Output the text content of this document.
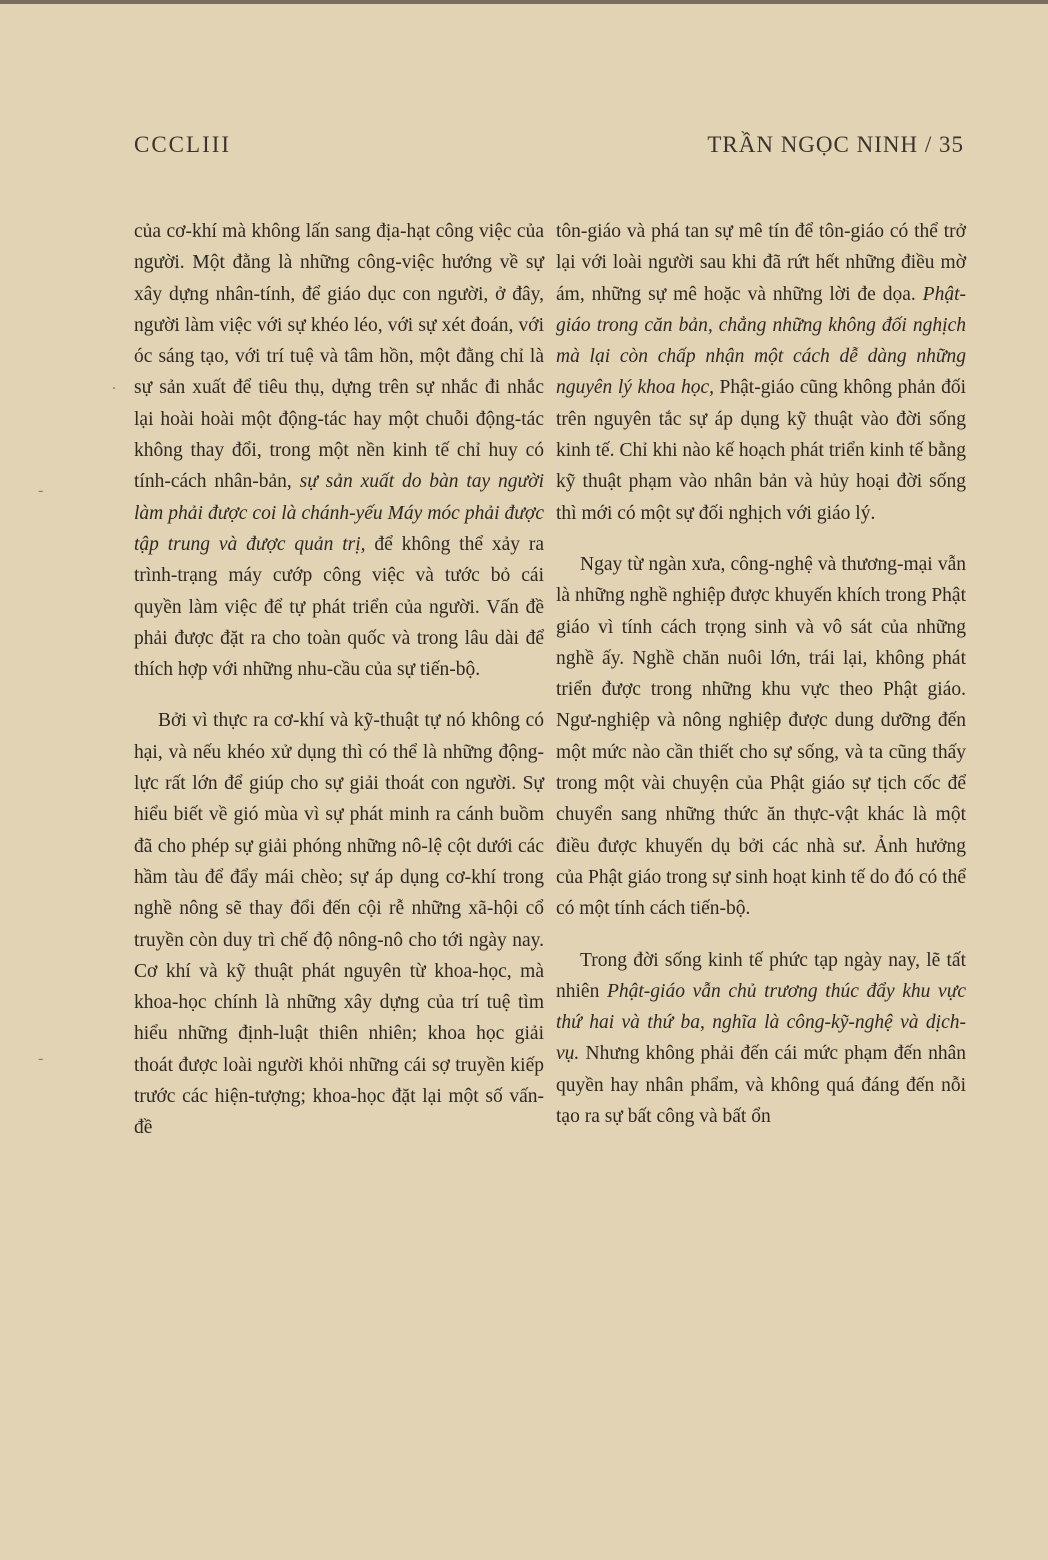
CCCLIII	TRẦN NGỌC NINH / 35

của cơ-khí mà không lấn sang địa-hạt công việc của người. Một đằng là những công-việc hướng về sự xây dựng nhân-tính, để giáo dục con người, ở đây, người làm việc với sự khéo léo, với sự xét đoán, với óc sáng tạo, với trí tuệ và tâm hồn, một đằng chỉ là sự sản xuất để tiêu thụ, dựng trên sự nhắc đi nhắc lại hoài hoài một động-tác hay một chuỗi động-tác không thay đổi, trong một nền kinh tế chỉ huy có tính-cách nhân-bản, sự sản xuất do bàn tay người làm phải được coi là chánh-yếu Máy móc phải được tập trung và được quản trị, để không thể xảy ra trình-trạng máy cướp công việc và tước bỏ cái quyền làm việc để tự phát triển của người. Vấn đề phải được đặt ra cho toàn quốc và trong lâu dài để thích hợp với những nhu-cầu của sự tiến-bộ.

Bởi vì thực ra cơ-khí và kỹ-thuật tự nó không có hại, và nếu khéo xử dụng thì có thể là những động-lực rất lớn để giúp cho sự giải thoát con người. Sự hiểu biết về gió mùa vì sự phát minh ra cánh buồm đã cho phép sự giải phóng những nô-lệ cột dưới các hầm tàu để đẩy mái chèo; sự áp dụng cơ-khí trong nghề nông sẽ thay đổi đến cội rễ những xã-hội cổ truyền còn duy trì chế độ nông-nô cho tới ngày nay. Cơ khí và kỹ thuật phát nguyên từ khoa-học, mà khoa-học chính là những xây dựng của trí tuệ tìm hiểu những định-luật thiên nhiên; khoa học giải thoát được loài người khỏi những cái sợ truyền kiếp trước các hiện-tượng; khoa-học đặt lại một số vấn-đề

tôn-giáo và phá tan sự mê tín để tôn-giáo có thể trở lại với loài người sau khi đã rứt hết những điều mờ ám, những sự mê hoặc và những lời đe dọa. Phật-giáo trong căn bản, chẳng những không đối nghịch mà lại còn chấp nhận một cách dễ dàng những nguyên lý khoa học, Phật-giáo cũng không phản đối trên nguyên tắc sự áp dụng kỹ thuật vào đời sống kinh tế. Chỉ khi nào kế hoạch phát triển kinh tế bằng kỹ thuật phạm vào nhân bản và hủy hoại đời sống thì mới có một sự đối nghịch với giáo lý.

Ngay từ ngàn xưa, công-nghệ và thương-mại vẫn là những nghề nghiệp được khuyến khích trong Phật giáo vì tính cách trọng sinh và vô sát của những nghề ấy. Nghề chăn nuôi lớn, trái lại, không phát triển được trong những khu vực theo Phật giáo. Ngư-nghiệp và nông nghiệp được dung dưỡng đến một mức nào cần thiết cho sự sống, và ta cũng thấy trong một vài chuyện của Phật giáo sự tịch cốc để chuyển sang những thức ăn thực-vật khác là một điều được khuyến dụ bởi các nhà sư. Ảnh hưởng của Phật giáo trong sự sinh hoạt kinh tế do đó có thể có một tính cách tiến-bộ.

Trong đời sống kinh tế phức tạp ngày nay, lẽ tất nhiên Phật-giáo vẫn chủ trương thúc đẩy khu vực thứ hai và thứ ba, nghĩa là công-kỹ-nghệ và dịch-vụ. Nhưng không phải đến cái mức phạm đến nhân quyền hay nhân phẩm, và không quá đáng đến nỗi tạo ra sự bất công và bất ổn

-
-
.
